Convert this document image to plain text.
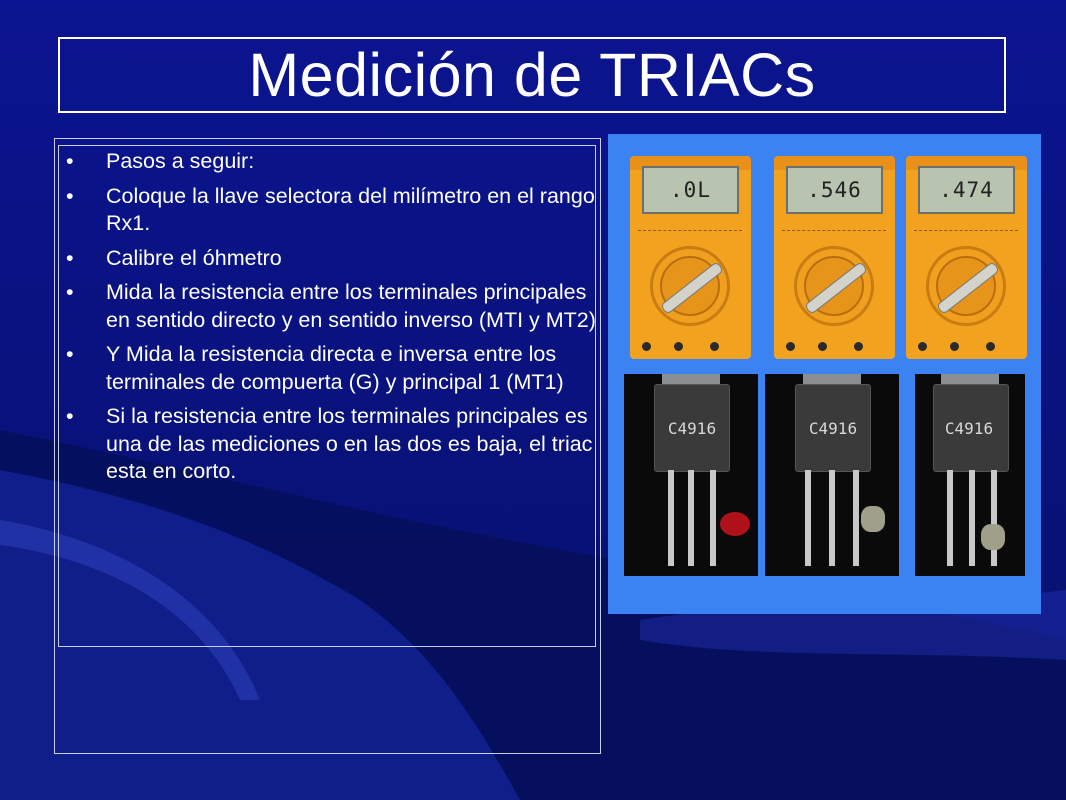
Medición de TRIACs
•	Pasos a seguir:
•	Coloque la llave selectora del milímetro en el rango Rx1.
•	Calibre el óhmetro
•	Mida la resistencia entre los terminales principales en sentido directo y en sentido inverso (MTI y MT2)
•	Y Mida la resistencia directa e inversa entre los terminales de compuerta (G) y principal 1 (MT1)
•	Si la resistencia entre los terminales principales es una de las mediciones o en las dos es baja, el triac esta en corto.
.0L	.546	.474
C4916	C4916	C4916
